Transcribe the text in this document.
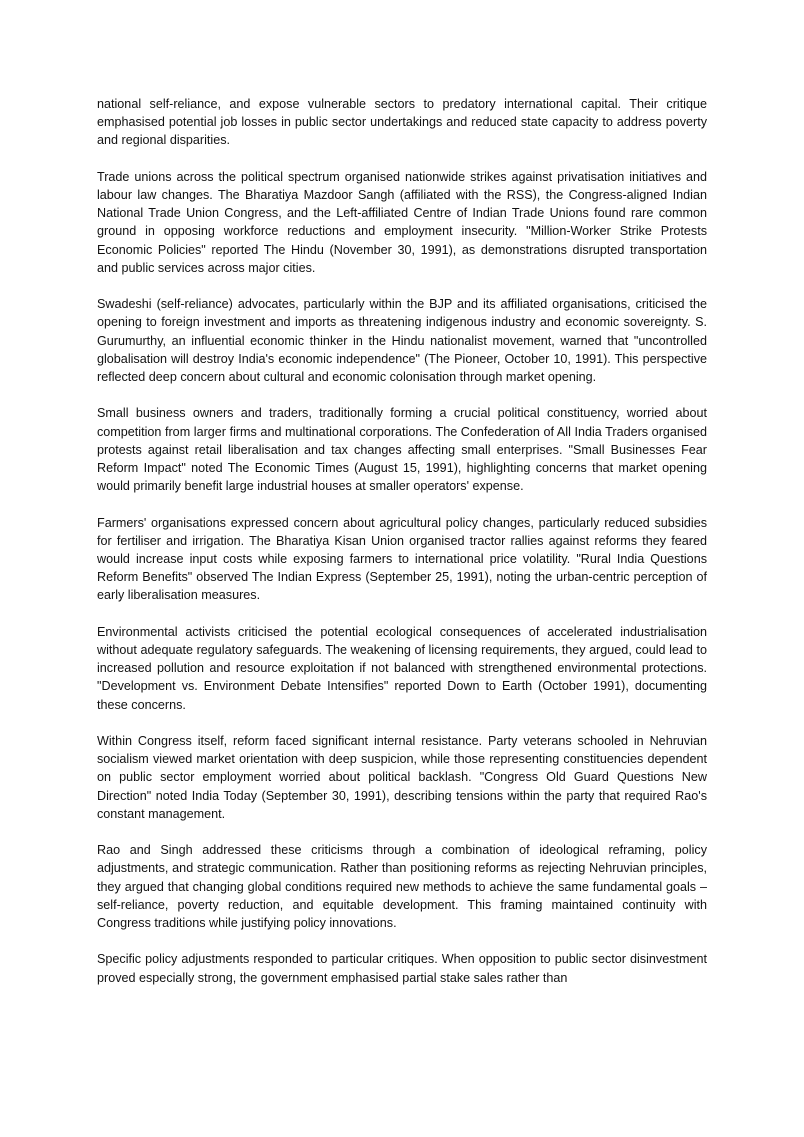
national self-reliance, and expose vulnerable sectors to predatory international capital. Their critique emphasised potential job losses in public sector undertakings and reduced state capacity to address poverty and regional disparities.

Trade unions across the political spectrum organised nationwide strikes against privatisation initiatives and labour law changes. The Bharatiya Mazdoor Sangh (affiliated with the RSS), the Congress-aligned Indian National Trade Union Congress, and the Left-affiliated Centre of Indian Trade Unions found rare common ground in opposing workforce reductions and employment insecurity. "Million-Worker Strike Protests Economic Policies" reported The Hindu (November 30, 1991), as demonstrations disrupted transportation and public services across major cities.

Swadeshi (self-reliance) advocates, particularly within the BJP and its affiliated organisations, criticised the opening to foreign investment and imports as threatening indigenous industry and economic sovereignty. S. Gurumurthy, an influential economic thinker in the Hindu nationalist movement, warned that "uncontrolled globalisation will destroy India's economic independence" (The Pioneer, October 10, 1991). This perspective reflected deep concern about cultural and economic colonisation through market opening.

Small business owners and traders, traditionally forming a crucial political constituency, worried about competition from larger firms and multinational corporations. The Confederation of All India Traders organised protests against retail liberalisation and tax changes affecting small enterprises. "Small Businesses Fear Reform Impact" noted The Economic Times (August 15, 1991), highlighting concerns that market opening would primarily benefit large industrial houses at smaller operators' expense.

Farmers' organisations expressed concern about agricultural policy changes, particularly reduced subsidies for fertiliser and irrigation. The Bharatiya Kisan Union organised tractor rallies against reforms they feared would increase input costs while exposing farmers to international price volatility. "Rural India Questions Reform Benefits" observed The Indian Express (September 25, 1991), noting the urban-centric perception of early liberalisation measures.

Environmental activists criticised the potential ecological consequences of accelerated industrialisation without adequate regulatory safeguards. The weakening of licensing requirements, they argued, could lead to increased pollution and resource exploitation if not balanced with strengthened environmental protections. "Development vs. Environment Debate Intensifies" reported Down to Earth (October 1991), documenting these concerns.

Within Congress itself, reform faced significant internal resistance. Party veterans schooled in Nehruvian socialism viewed market orientation with deep suspicion, while those representing constituencies dependent on public sector employment worried about political backlash. "Congress Old Guard Questions New Direction" noted India Today (September 30, 1991), describing tensions within the party that required Rao's constant management.

Rao and Singh addressed these criticisms through a combination of ideological reframing, policy adjustments, and strategic communication. Rather than positioning reforms as rejecting Nehruvian principles, they argued that changing global conditions required new methods to achieve the same fundamental goals – self-reliance, poverty reduction, and equitable development. This framing maintained continuity with Congress traditions while justifying policy innovations.

Specific policy adjustments responded to particular critiques. When opposition to public sector disinvestment proved especially strong, the government emphasised partial stake sales rather than
